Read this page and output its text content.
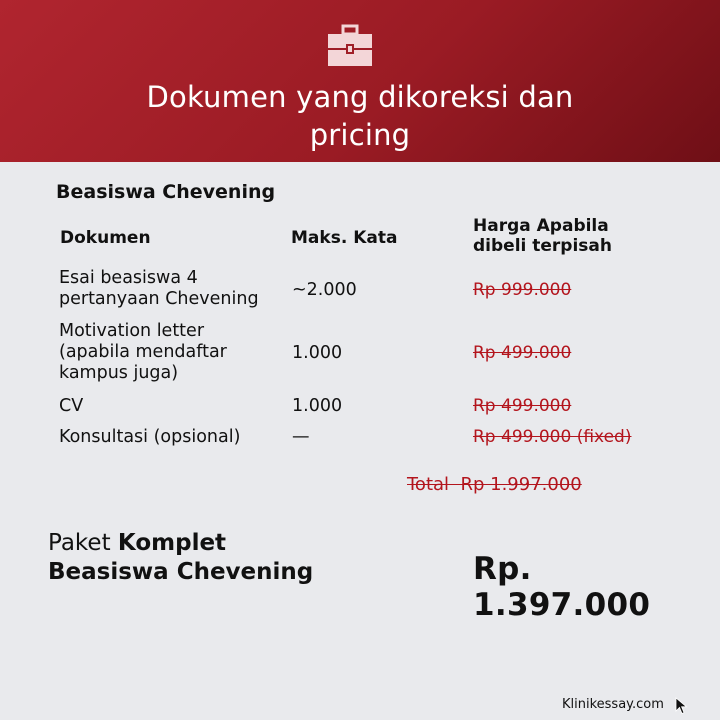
Dokumen yang dikoreksi dan
pricing
Beasiswa Chevening
Dokumen	Maks. Kata
Harga Apabila
dibeli terpisah
Esai beasiswa 4
pertanyaan Chevening	~2.000	Rp 999.000
Motivation letter
(apabila mendaftar
kampus juga)
1.000	Rp 499.000
CV	1.000	Rp 499.000
Konsultasi (opsional)	—	Rp 499.000 (fixed)
Total  Rp 1.997.000
Paket Komplet
Beasiswa Chevening	Rp. 1.397.000
Klinikessay.com
